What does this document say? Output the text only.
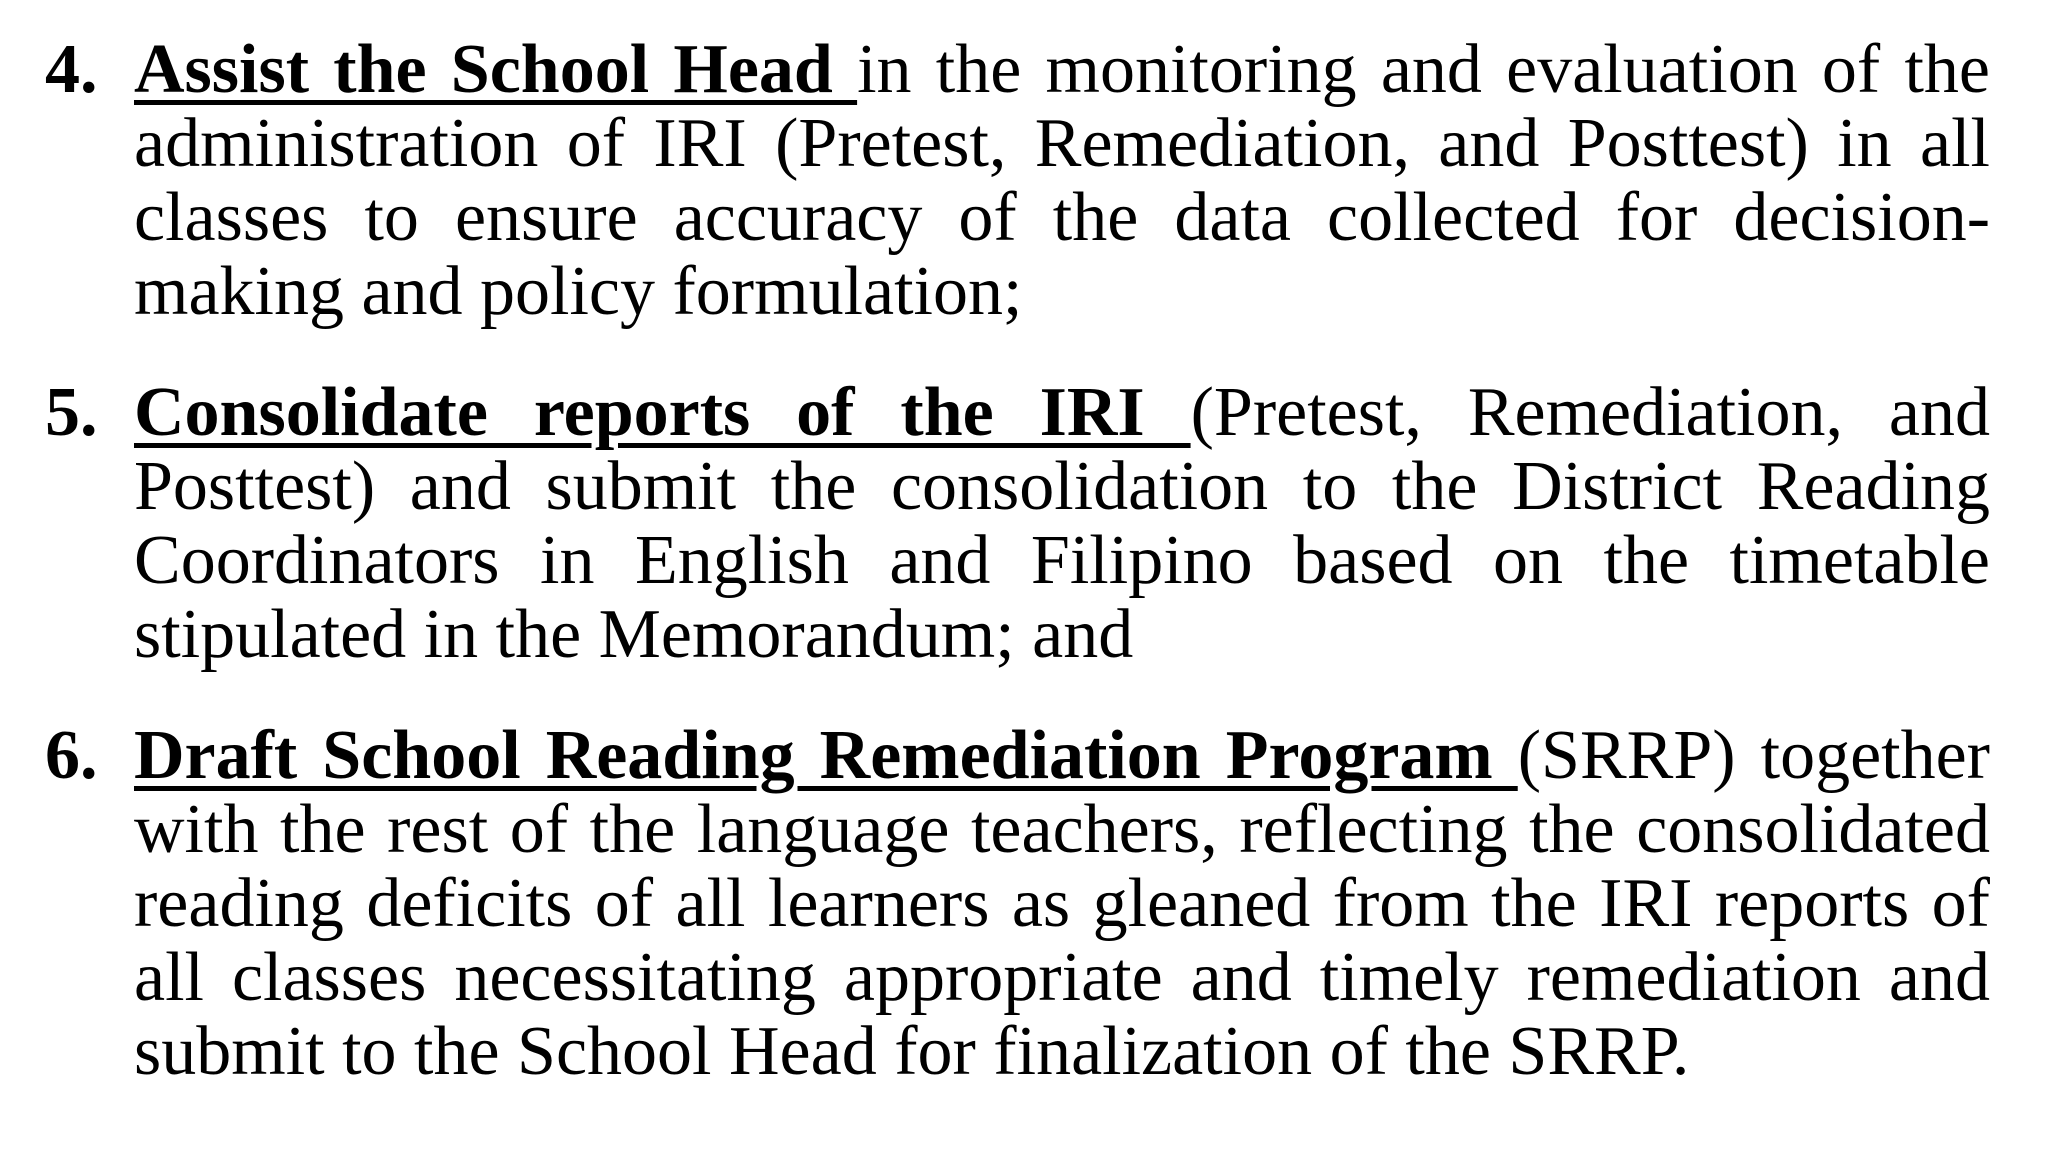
4. Assist the School Head in the monitoring and evaluation of the administration of IRI (Pretest, Remediation, and Posttest) in all classes to ensure accuracy of the data collected for decision-making and policy formulation;
5. Consolidate reports of the IRI (Pretest, Remediation, and Posttest) and submit the consolidation to the District Reading Coordinators in English and Filipino based on the timetable stipulated in the Memorandum; and
6. Draft School Reading Remediation Program (SRRP) together with the rest of the language teachers, reflecting the consolidated reading deficits of all learners as gleaned from the IRI reports of all classes necessitating appropriate and timely remediation and submit to the School Head for finalization of the SRRP.
